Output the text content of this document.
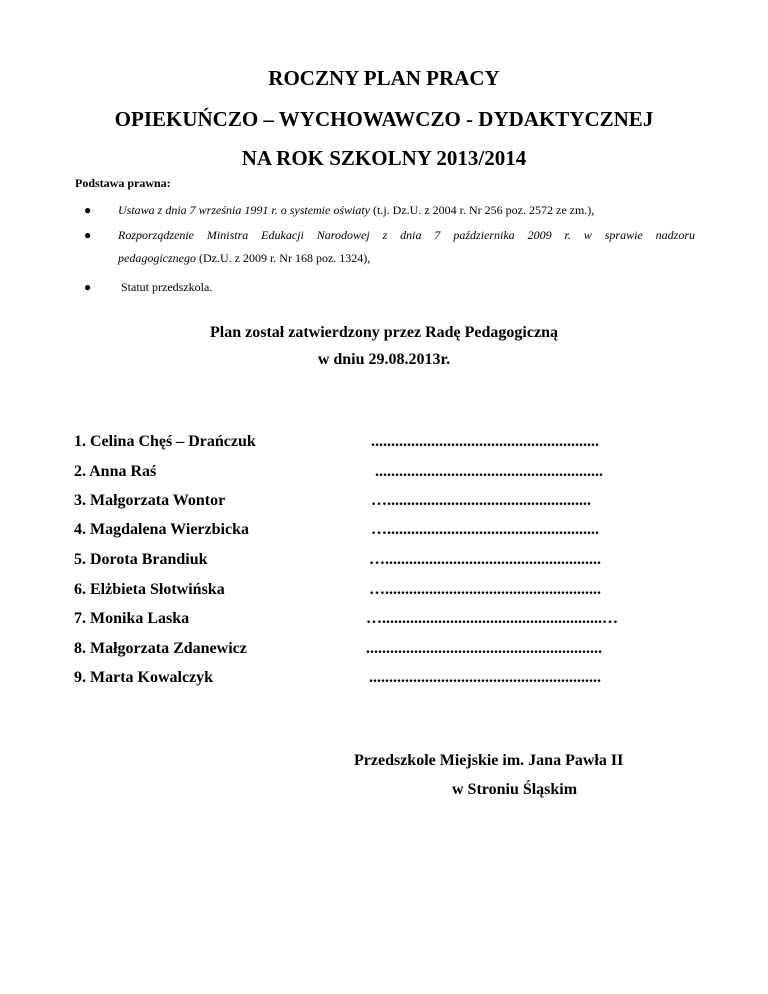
ROCZNY PLAN PRACY
OPIEKUŃCZO – WYCHOWAWCZO - DYDAKTYCZNEJ
NA ROK SZKOLNY 2013/2014
Podstawa prawna:
● Ustawa z dnia 7 września 1991 r. o systemie oświaty (t.j. Dz.U. z 2004 r. Nr 256 poz. 2572 ze zm.),
● Rozporządzenie Ministra Edukacji Narodowej z dnia 7 października 2009 r. w sprawie nadzoru
pedagogicznego (Dz.U. z 2009 r. Nr 168 poz. 1324),
● Statut przedszkola.
Plan został zatwierdzony przez Radę Pedagogiczną
w dniu 29.08.2013r.
1. Celina Chęś – Drańczuk	.........................................................
2. Anna Raś	.........................................................
3. Małgorzata Wontor	…...................................................
4. Magdalena Wierzbicka	….....................................................
5. Dorota Brandiuk	…......................................................
6. Elżbieta Słotwińska	…......................................................
7. Monika Laska	….......................................................…
8. Małgorzata Zdanewicz	...........................................................
9. Marta Kowalczyk	..........................................................
Przedszkole Miejskie im. Jana Pawła II
w Stroniu Śląskim
